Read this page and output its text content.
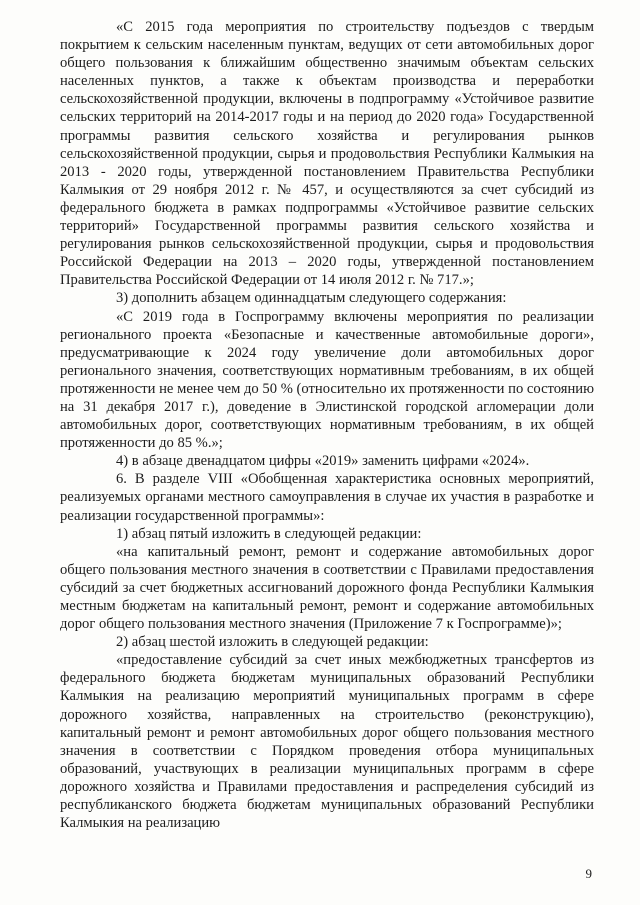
«С 2015 года мероприятия по строительству подъездов с твердым покрытием к сельским населенным пунктам, ведущих от сети автомобильных дорог общего пользования к ближайшим общественно значимым объектам сельских населенных пунктов, а также к объектам производства и переработки сельскохозяйственной продукции, включены в подпрограмму «Устойчивое развитие сельских территорий на 2014-2017 годы и на период до 2020 года» Государственной программы развития сельского хозяйства и регулирования рынков сельскохозяйственной продукции, сырья и продовольствия Республики Калмыкия на 2013 - 2020 годы, утвержденной постановлением Правительства Республики Калмыкия от 29 ноября 2012 г. № 457, и осуществляются за счет субсидий из федерального бюджета в рамках подпрограммы «Устойчивое развитие сельских территорий» Государственной программы развития сельского хозяйства и регулирования рынков сельскохозяйственной продукции, сырья и продовольствия Российской Федерации на 2013 – 2020 годы, утвержденной постановлением Правительства Российской Федерации от 14 июля 2012 г. № 717.»;

3) дополнить абзацем одиннадцатым следующего содержания:

«С 2019 года в Госпрограмму включены мероприятия по реализации регионального проекта «Безопасные и качественные автомобильные дороги», предусматривающие к 2024 году увеличение доли автомобильных дорог регионального значения, соответствующих нормативным требованиям, в их общей протяженности не менее чем до 50 % (относительно их протяженности по состоянию на 31 декабря 2017 г.), доведение в Элистинской городской агломерации доли автомобильных дорог, соответствующих нормативным требованиям, в их общей протяженности до 85 %.»;

4) в абзаце двенадцатом цифры «2019» заменить цифрами «2024».

6. В разделе VIII «Обобщенная характеристика основных мероприятий, реализуемых органами местного самоуправления в случае их участия в разработке и реализации государственной программы»:

1) абзац пятый изложить в следующей редакции:

«на капитальный ремонт, ремонт и содержание автомобильных дорог общего пользования местного значения в соответствии с Правилами предоставления субсидий за счет бюджетных ассигнований дорожного фонда Республики Калмыкия местным бюджетам на капитальный ремонт, ремонт и содержание автомобильных дорог общего пользования местного значения (Приложение 7 к Госпрограмме)»;

2) абзац шестой изложить в следующей редакции:

«предоставление субсидий за счет иных межбюджетных трансфертов из федерального бюджета бюджетам муниципальных образований Республики Калмыкия на реализацию мероприятий муниципальных программ в сфере дорожного хозяйства, направленных на строительство (реконструкцию), капитальный ремонт и ремонт автомобильных дорог общего пользования местного значения в соответствии с Порядком проведения отбора муниципальных образований, участвующих в реализации муниципальных программ в сфере дорожного хозяйства и Правилами предоставления и распределения субсидий из республиканского бюджета бюджетам муниципальных образований Республики Калмыкия на реализацию

9
